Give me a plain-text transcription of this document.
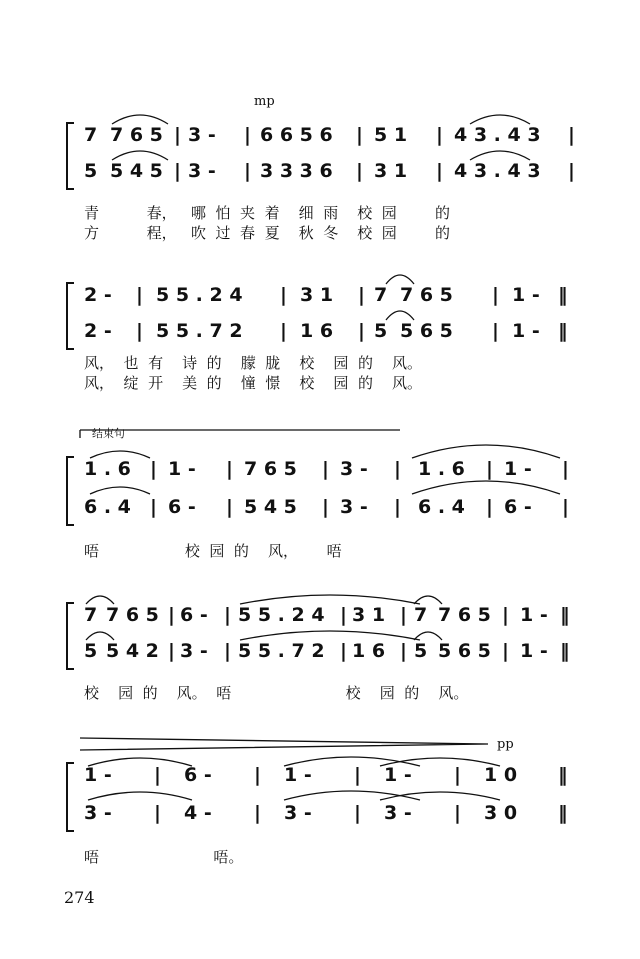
mp
pp
结束句
7 7 6 5 | 3 - | 6 6 5 6 | 5 1 | 4 3 . 4 3 |
5 5 4 5 | 3 - | 3 3 3 6 | 3 1 | 4 3 . 4 3 |
青          春，   哪  怕  夹  着    细  雨    校  园        的
方          程，   吹  过  春  夏    秋  冬    校  园        的
2 - | 5 5 . 2 4 | 3 1 | 7 7 6 5 | 1 - ‖
2 - | 5 5 . 7 2 | 1 6 | 5 5 6 5 | 1 - ‖
风，  也  有    诗  的    朦  胧    校    园  的    风。
风，  绽  开    美  的    憧  憬    校    园  的    风。
1 . 6 | 1 - | 7 6 5 | 3 - | 1 . 6 | 1 - |
6 . 4 | 6 - | 5 4 5 | 3 - | 6 . 4 | 6 - |
唔                  校  园  的    风，      唔
7 7 6 5 | 6 - | 5 5 . 2 4 | 3 1 | 7 7 6 5 | 1 - ‖
5 5 4 2 | 3 - | 5 5 . 7 2 | 1 6 | 5 5 6 5 | 1 - ‖
校    园  的    风。  唔                        校    园  的    风。
1 - | 6 - | 1 - | 1 - | 1 0 ‖
3 - | 4 - | 3 - | 3 - | 3 0 ‖
唔                        唔。
274
